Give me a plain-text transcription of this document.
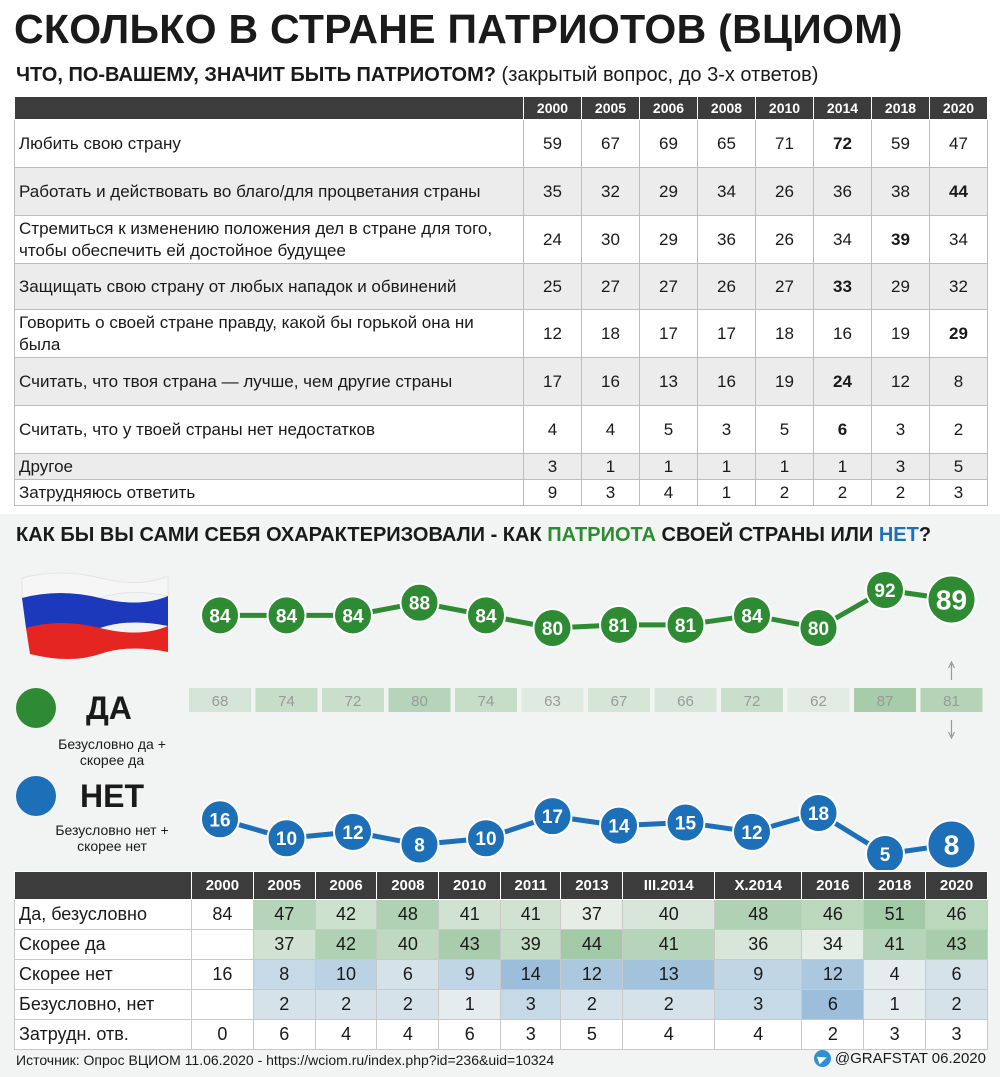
СКОЛЬКО В СТРАНЕ ПАТРИОТОВ (ВЦИОМ)
ЧТО, ПО-ВАШЕМУ, ЗНАЧИТ БЫТЬ ПАТРИОТОМ? (закрытый вопрос, до 3-х ответов)
	2000	2005	2006	2008	2010	2014	2018	2020
Любить свою страну	59	67	69	65	71	72	59	47
Работать и действовать во благо/для процветания страны	35	32	29	34	26	36	38	44
Стремиться к изменению положения дел в стране для того, чтобы обеспечить ей достойное будущее	24	30	29	36	26	34	39	34
Защищать свою страну от любых нападок и обвинений	25	27	27	26	27	33	29	32
Говорить о своей стране правду, какой бы горькой она ни была	12	18	17	17	18	16	19	29
Считать, что твоя страна — лучше, чем другие страны	17	16	13	16	19	24	12	8
Считать, что у твоей страны нет недостатков	4	4	5	3	5	6	3	2
Другое	3	1	1	1	1	1	3	5
Затрудняюсь ответить	9	3	4	1	2	2	2	3
КАК БЫ ВЫ САМИ СЕБЯ ОХАРАКТЕРИЗОВАЛИ - КАК ПАТРИОТА СВОЕЙ СТРАНЫ ИЛИ НЕТ?
84 84 84
88
84
80 81 81 84
80
92 89
68	74	72	80	74	63	67	66	72	62	87	81
16
10 12
8	10
17 14 15 12
18
5 8
ДА
Безусловно да + скорее да
НЕТ
Безусловно нет + скорее нет
	2000	2005	2006	2008	2010	2011	2013	III.2014	X.2014	2016	2018	2020
Да, безусловно	84	47	42	48	41	41	37	40	48	46	51	46
Скорее да		37	42	40	43	39	44	41	36	34	41	43
Скорее нет	16	8	10	6	9	14	12	13	9	12	4	6
Безусловно, нет		2	2	2	1	3	2	2	3	6	1	2
Затрудн. отв.	0	6	4	4	6	3	5	4	4	2	3	3
Источник: Опрос ВЦИОМ 11.06.2020 - https://wciom.ru/index.php?id=236&uid=10324	@GRAFSTAT 06.2020
